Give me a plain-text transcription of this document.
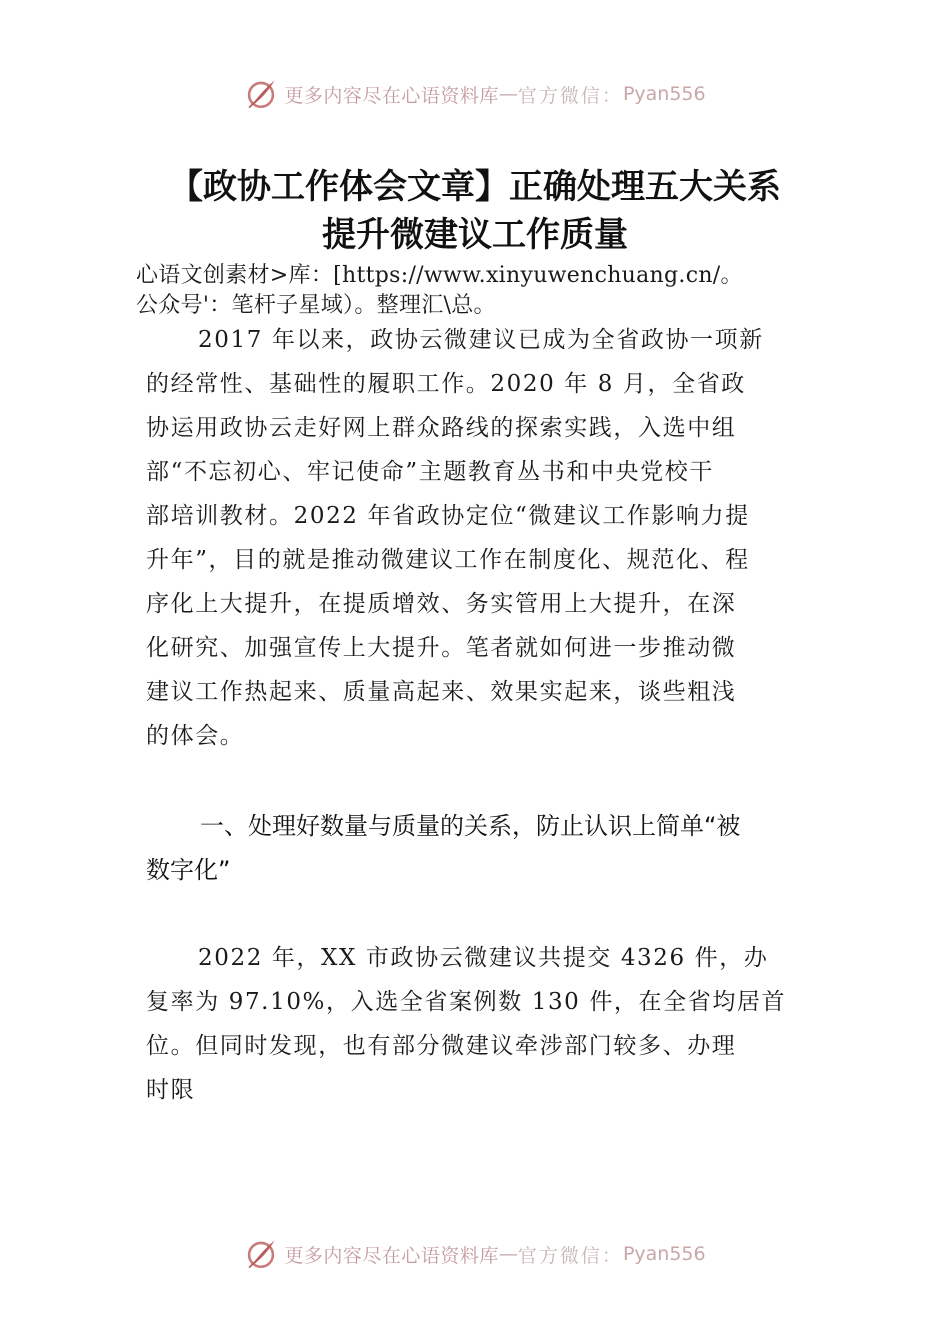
更多内容尽在心语资料库 — 官方微信： Pyan556
【政协工作体会文章】正确处理五大关系
提升微建议工作质量
心语文创素材>库：[https://www.xinyuwenchuang.cn/。
公众号'：笔杆子星域）。整理汇\总。
2017 年以来，政协云微建议已成为全省政协一项新
的经常性、基础性的履职工作。2020 年 8 月，全省政
协运用政协云走好网上群众路线的探索实践，入选中组
部“不忘初心、牢记使命”主题教育丛书和中央党校干
部培训教材。2022 年省政协定位“微建议工作影响力提
升年”，目的就是推动微建议工作在制度化、规范化、程
序化上大提升，在提质增效、务实管用上大提升，在深
化研究、加强宣传上大提升。笔者就如何进一步推动微
建议工作热起来、质量高起来、效果实起来，谈些粗浅
的体会。
一、处理好数量与质量的关系，防止认识上简单“被
数字化”
2022 年，XX 市政协云微建议共提交 4326 件，办
复率为 97.10%，入选全省案例数 130 件，在全省均居首
位。但同时发现，也有部分微建议牵涉部门较多、办理
时限
更多内容尽在心语资料库 — 官方微信： Pyan556
